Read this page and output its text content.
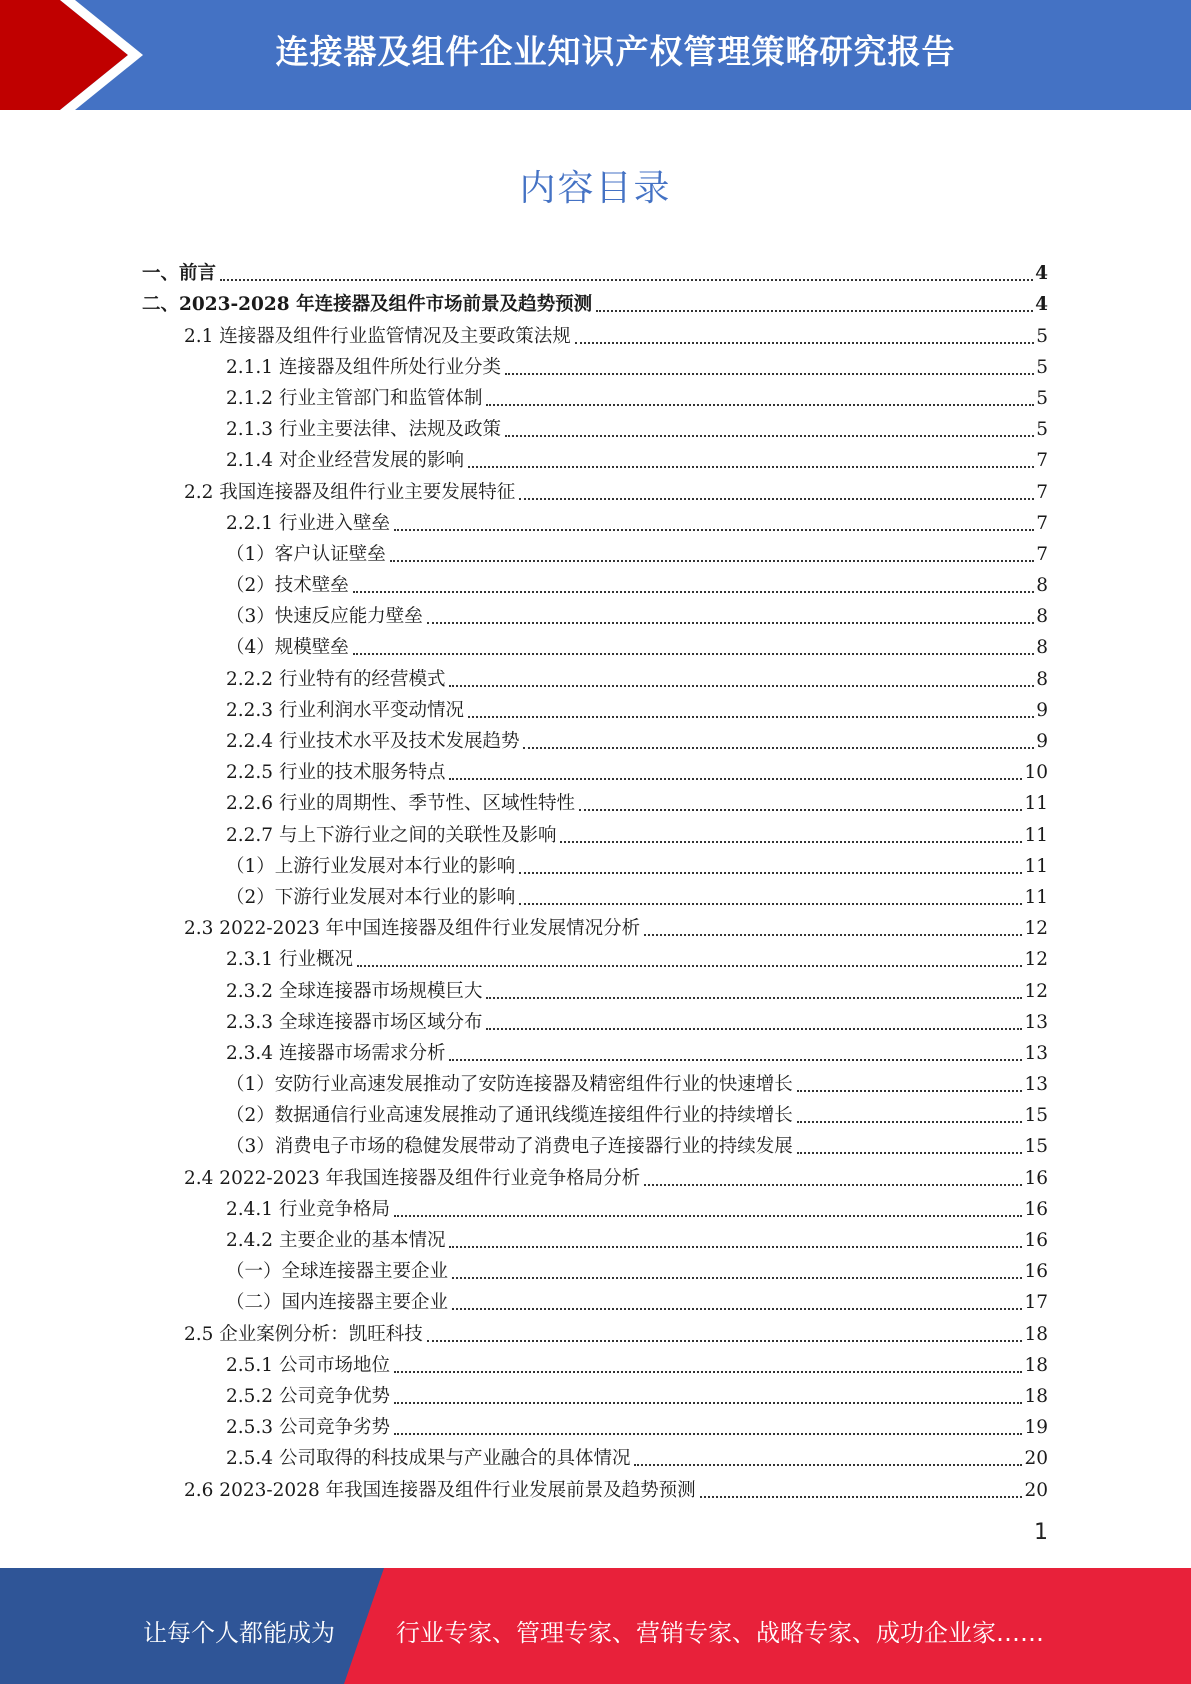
连接器及组件企业知识产权管理策略研究报告
内容目录
一、前言	4
二、2023-2028 年连接器及组件市场前景及趋势预测	4
2.1 连接器及组件行业监管情况及主要政策法规	5
2.1.1 连接器及组件所处行业分类	5
2.1.2 行业主管部门和监管体制	5
2.1.3 行业主要法律、法规及政策	5
2.1.4 对企业经营发展的影响	7
2.2 我国连接器及组件行业主要发展特征	7
2.2.1 行业进入壁垒	7
（1）客户认证壁垒	7
（2）技术壁垒	8
（3）快速反应能力壁垒	8
（4）规模壁垒	8
2.2.2 行业特有的经营模式	8
2.2.3 行业利润水平变动情况	9
2.2.4 行业技术水平及技术发展趋势	9
2.2.5 行业的技术服务特点	10
2.2.6 行业的周期性、季节性、区域性特性	11
2.2.7 与上下游行业之间的关联性及影响	11
（1）上游行业发展对本行业的影响	11
（2）下游行业发展对本行业的影响	11
2.3 2022-2023 年中国连接器及组件行业发展情况分析	12
2.3.1 行业概况	12
2.3.2 全球连接器市场规模巨大	12
2.3.3 全球连接器市场区域分布	13
2.3.4 连接器市场需求分析	13
（1）安防行业高速发展推动了安防连接器及精密组件行业的快速增长	13
（2）数据通信行业高速发展推动了通讯线缆连接组件行业的持续增长	15
（3）消费电子市场的稳健发展带动了消费电子连接器行业的持续发展	15
2.4 2022-2023 年我国连接器及组件行业竞争格局分析	16
2.4.1 行业竞争格局	16
2.4.2 主要企业的基本情况	16
（一）全球连接器主要企业	16
（二）国内连接器主要企业	17
2.5 企业案例分析：凯旺科技	18
2.5.1 公司市场地位	18
2.5.2 公司竞争优势	18
2.5.3 公司竞争劣势	19
2.5.4 公司取得的科技成果与产业融合的具体情况	20
2.6 2023-2028 年我国连接器及组件行业发展前景及趋势预测	20
1
让每个人都能成为	行业专家、管理专家、营销专家、战略专家、成功企业家……
